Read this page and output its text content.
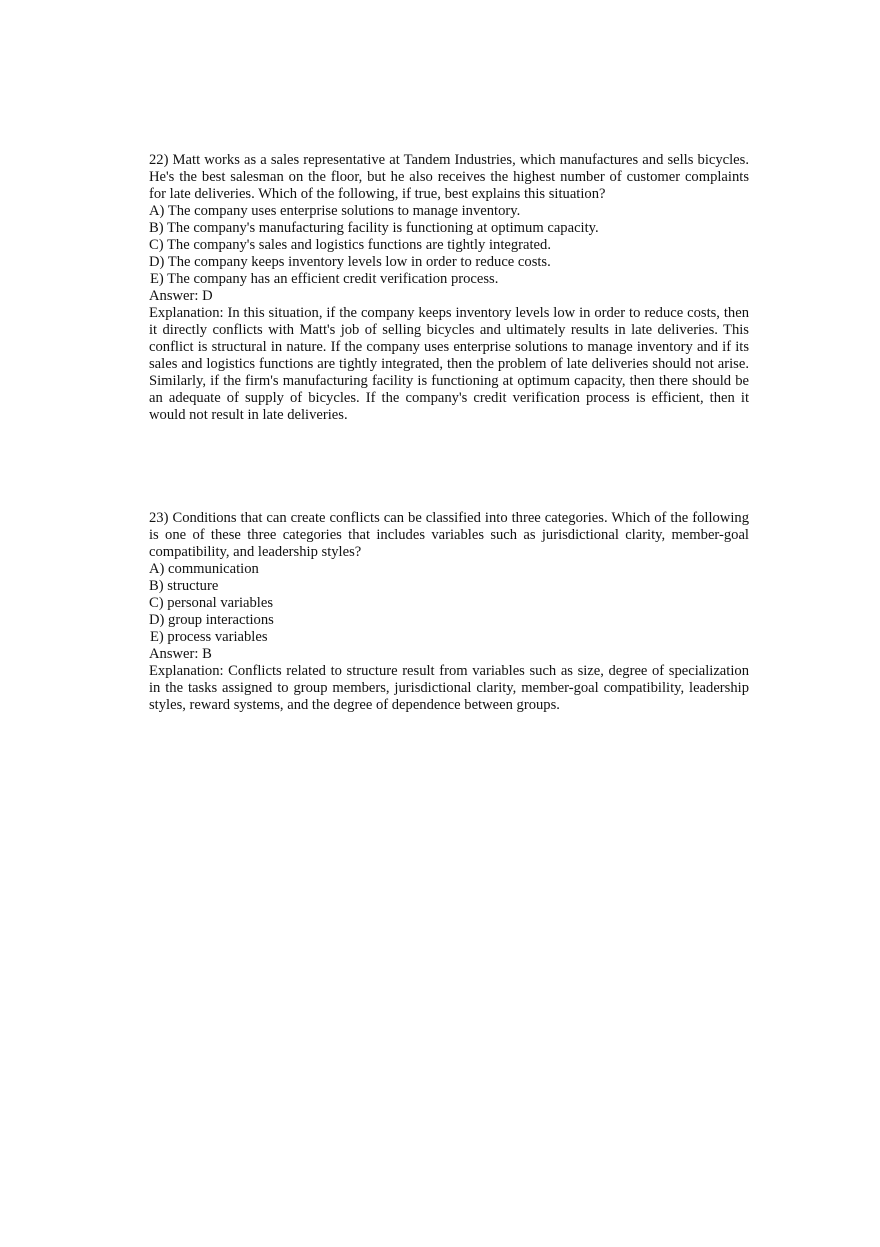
22) Matt works as a sales representative at Tandem Industries, which manufactures and sells bicycles. He's the best salesman on the floor, but he also receives the highest number of customer complaints for late deliveries. Which of the following, if true, best explains this situation?

A) The company uses enterprise solutions to manage inventory.
B) The company's manufacturing facility is functioning at optimum capacity.
C) The company's sales and logistics functions are tightly integrated.
D) The company keeps inventory levels low in order to reduce costs.
E) The company has an efficient credit verification process.

Answer: D

Explanation: In this situation, if the company keeps inventory levels low in order to reduce costs, then it directly conflicts with Matt's job of selling bicycles and ultimately results in late deliveries. This conflict is structural in nature. If the company uses enterprise solutions to manage inventory and if its sales and logistics functions are tightly integrated, then the problem of late deliveries should not arise. Similarly, if the firm's manufacturing facility is functioning at optimum capacity, then there should be an adequate of supply of bicycles. If the company's credit verification process is efficient, then it would not result in late deliveries.

23) Conditions that can create conflicts can be classified into three categories. Which of the following is one of these three categories that includes variables such as jurisdictional clarity, member-goal compatibility, and leadership styles?

A) communication
B) structure
C) personal variables
D) group interactions
E) process variables

Answer: B

Explanation: Conflicts related to structure result from variables such as size, degree of specialization in the tasks assigned to group members, jurisdictional clarity, member-goal compatibility, leadership styles, reward systems, and the degree of dependence between groups.
